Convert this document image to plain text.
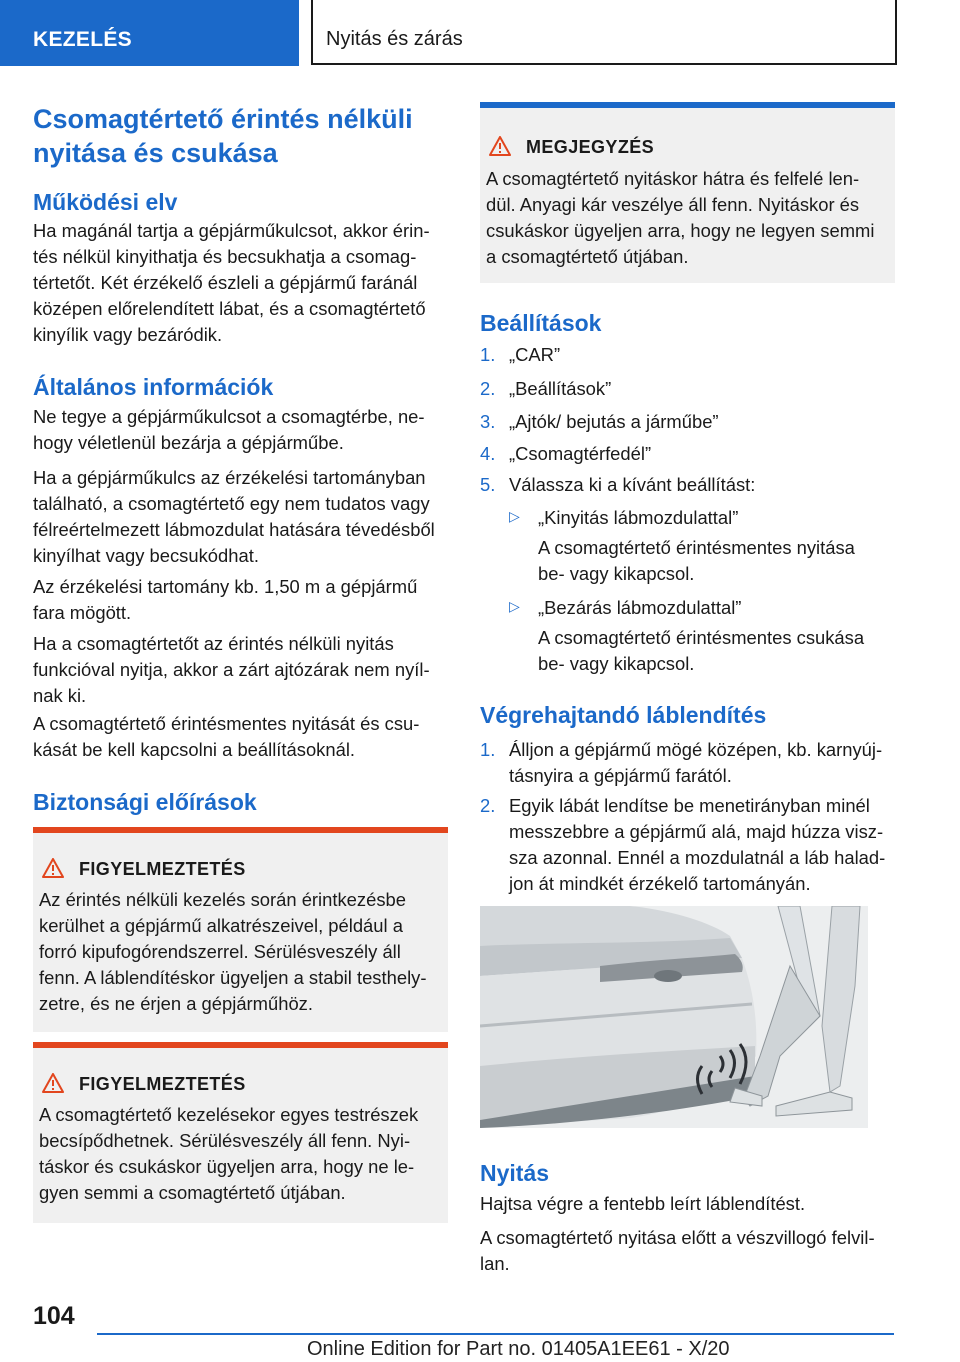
KEZELÉS	Nyitás és zárás
Csomagtértető érintés nélküli
nyitása és csukása
Működési elv

Ha magánál tartja a gépjárműkulcsot, akkor érin-

tés nélkül kinyithatja és becsukhatja a csomag-

tértetőt. Két érzékelő észleli a gépjármű faránál

középen előrelendített lábat, és a csomagtértető

kinyílik vagy bezáródik.

Általános információk

Ne tegye a gépjárműkulcsot a csomagtérbe, ne-

hogy véletlenül bezárja a gépjárműbe.

Ha a gépjárműkulcs az érzékelési tartományban

található, a csomagtértető egy nem tudatos vagy

félreértelmezett lábmozdulat hatására tévedésből

kinyílhat vagy becsukódhat.

Az érzékelési tartomány kb. 1,50 m a gépjármű

fara mögött.

Ha a csomagtértetőt az érintés nélküli nyitás

funkcióval nyitja, akkor a zárt ajtózárak nem nyíl-

nak ki.

A csomagtértető érintésmentes nyitását és csu-

kását be kell kapcsolni a beállításoknál.

Biztonsági előírások
FIGYELMEZTETÉS

Az érintés nélküli kezelés során érintkezésbe

kerülhet a gépjármű alkatrészeivel, például a

forró kipufogórendszerrel. Sérülésveszély áll

fenn. A láblendítéskor ügyeljen a stabil testhely-

zetre, és ne érjen a gépjárműhöz.

FIGYELMEZTETÉS

A csomagtértető kezelésekor egyes testrészek

becsípődhetnek. Sérülésveszély áll fenn. Nyi-

táskor és csukáskor ügyeljen arra, hogy ne le-

gyen semmi a csomagtértető útjában.

MEGJEGYZÉS

A csomagtértető nyitáskor hátra és felfelé len-

dül. Anyagi kár veszélye áll fenn. Nyitáskor és

csukáskor ügyeljen arra, hogy ne legyen semmi

a csomagtértető útjában.

Beállítások
1. „CAR”

2. „Beállítások”

3. „Ajtók/ bejutás a járműbe”

4. „Csomagtérfedél”

5. Válassza ki a kívánt beállítást:

▷ „Kinyitás lábmozdulattal”

A csomagtértető érintésmentes nyitása

be- vagy kikapcsol.

▷ „Bezárás lábmozdulattal”

A csomagtértető érintésmentes csukása

be- vagy kikapcsol.

Végrehajtandó láblendítés
1. Álljon a gépjármű mögé középen, kb. karnyúj-

tásnyira a gépjármű farától.

2. Egyik lábát lendítse be menetirányban minél

messzebbre a gépjármű alá, majd húzza visz-

sza azonnal. Ennél a mozdulatnál a láb halad-

jon át mindkét érzékelő tartományán.

Nyitás

Hajtsa végre a fentebb leírt láblendítést.

A csomagtértető nyitása előtt a vészvillogó felvil-

lan.

104
Online Edition for Part no. 01405A1EE61 - X/20
